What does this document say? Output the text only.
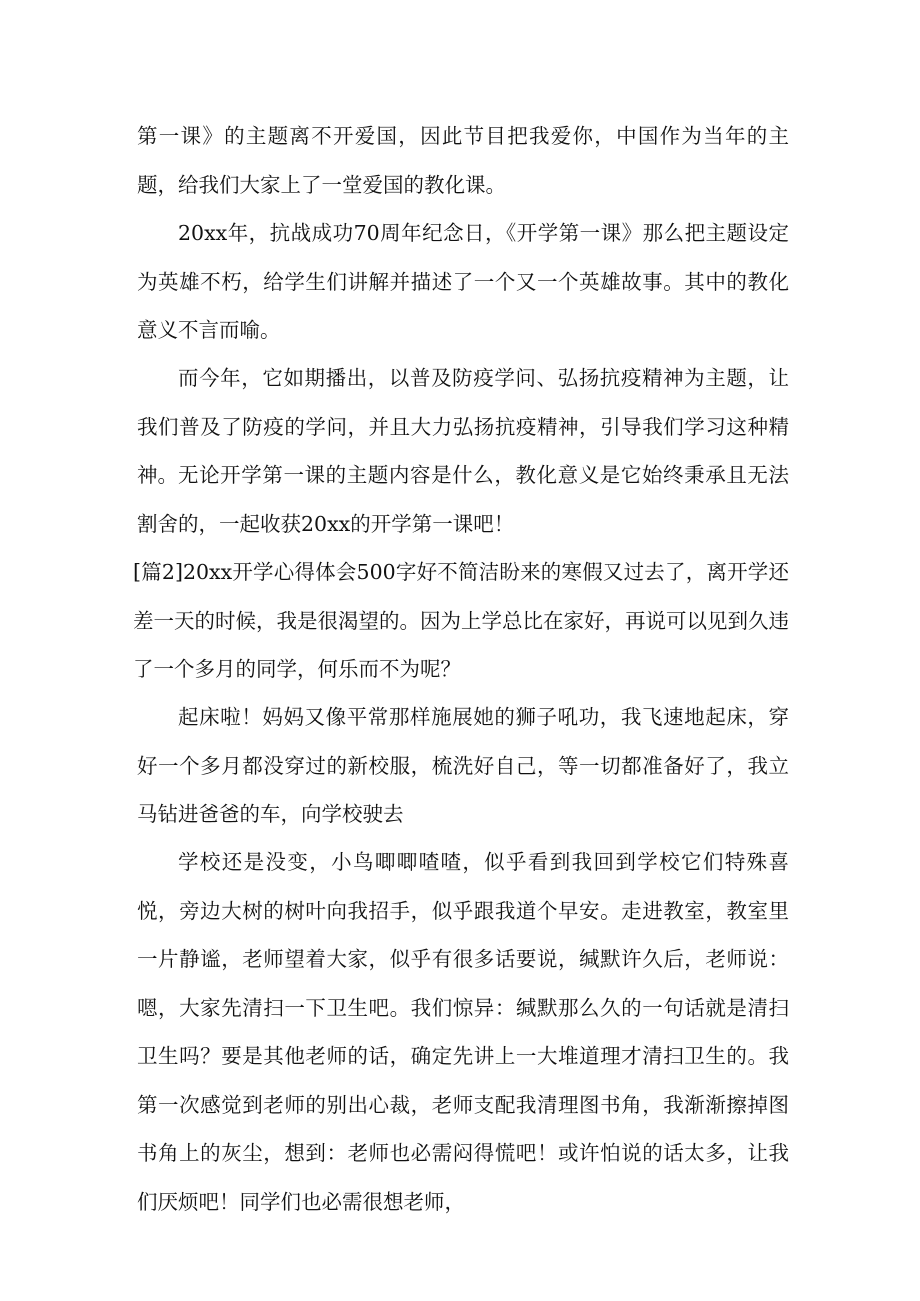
第一课》的主题离不开爱国，因此节目把我爱你，中国作为当年的主题，给我们大家上了一堂爱国的教化课。

20xx年，抗战成功70周年纪念日，《开学第一课》那么把主题设定为英雄不朽，给学生们讲解并描述了一个又一个英雄故事。其中的教化意义不言而喻。

而今年，它如期播出，以普及防疫学问、弘扬抗疫精神为主题，让我们普及了防疫的学问，并且大力弘扬抗疫精神，引导我们学习这种精神。 无论开学第一课的主题内容是什么，教化意义是它始终秉承且无法割舍的，一起收获20xx的开学第一课吧！

[篇2]20xx开学心得体会500字好不简洁盼来的寒假又过去了，离开学还差一天的时候，我是很渴望的。因为上学总比在家好，再说可以见到久违了一个多月的同学，何乐而不为呢？

起床啦！妈妈又像平常那样施展她的狮子吼功，我飞速地起床，穿好一个多月都没穿过的新校服，梳洗好自己，等一切都准备好了，我立马钻进爸爸的车，向学校驶去

学校还是没变，小鸟唧唧喳喳，似乎看到我回到学校它们特殊喜悦，旁边大树的树叶向我招手，似乎跟我道个早安。走进教室，教室里一片静谧，老师望着大家，似乎有很多话要说，缄默许久后，老师说：嗯，大家先清扫一下卫生吧。我们惊异：缄默那么久的一句话就是清扫卫生吗？要是其他老师的话，确定先讲上一大堆道理才清扫卫生的。我第一次感觉到老师的别出心裁，老师支配我清理图书角，我渐渐擦掉图书角上的灰尘，想到：老师也必需闷得慌吧！或许怕说的话太多，让我们厌烦吧！同学们也必需很想老师，
